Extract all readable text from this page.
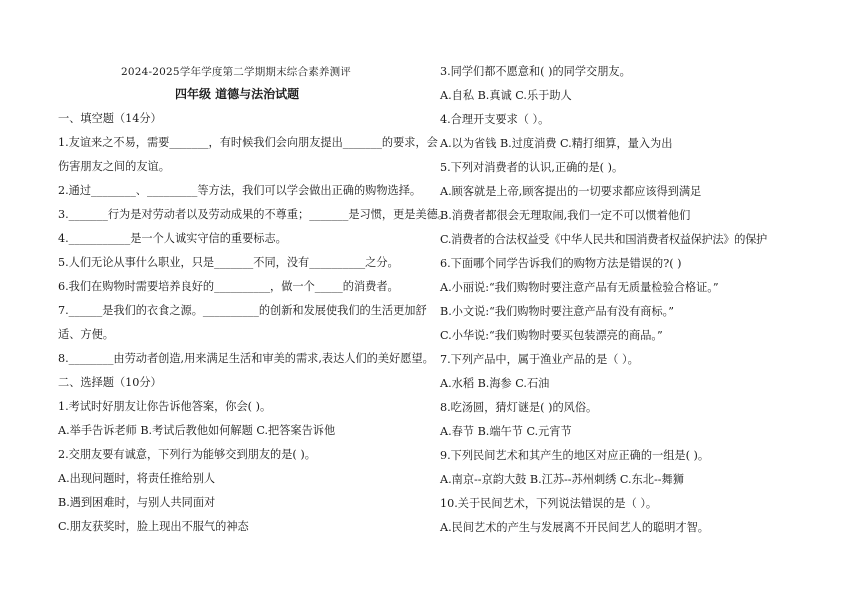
2024-2025学年学度第二学期期末综合素养测评
四年级 道德与法治试题
一、填空题（14分）
1.友谊来之不易，需要_______，有时候我们会向朋友提出_______的要求，会
伤害朋友之间的友谊。
2.通过________、_________等方法，我们可以学会做出正确的购物选择。
3._______行为是对劳动者以及劳动成果的不尊重；_______是习惯，更是美德。
4.___________是一个人诚实守信的重要标志。
5.人们无论从事什么职业，只是_______不同，没有__________之分。
6.我们在购物时需要培养良好的__________，做一个_____的消费者。
7.______是我们的衣食之源。__________的创新和发展使我们的生活更加舒
适、方便。
8.________由劳动者创造,用来满足生活和审美的需求,表达人们的美好愿望。
二、选择题（10分）
1.考试时好朋友让你告诉他答案，你会( )。
A.举手告诉老师 B.考试后教他如何解题 C.把答案告诉他
2.交朋友要有诚意，下列行为能够交到朋友的是( )。
A.出现问题时，将责任推给别人
B.遇到困难时，与别人共同面对
C.朋友获奖时，脸上现出不服气的神态
3.同学们都不愿意和( )的同学交朋友。
A.自私 B.真诚 C.乐于助人
4.合理开支要求（ ）。
A.以为省钱 B.过度消费 C.精打细算，量入为出
5.下列对消费者的认识,正确的是( )。
A.顾客就是上帝,顾客提出的一切要求都应该得到满足
B.消费者都很会无理取闹,我们一定不可以惯着他们
C.消费者的合法权益受《中华人民共和国消费者权益保护法》的保护
6.下面哪个同学告诉我们的购物方法是错误的?( )
A.小丽说:“我们购物时要注意产品有无质量检验合格证。”
B.小文说:“我们购物时要注意产品有没有商标。”
C.小华说:“我们购物时要买包装漂亮的商品。”
7.下列产品中，属于渔业产品的是（ ）。
A.水稻 B.海参 C.石油
8.吃汤圆，猜灯谜是( )的风俗。
A.春节 B.端午节 C.元宵节
9.下列民间艺术和其产生的地区对应正确的一组是( )。
A.南京--京韵大鼓 B.江苏--苏州刺绣 C.东北--舞狮
10.关于民间艺术，下列说法错误的是（ ）。
A.民间艺术的产生与发展离不开民间艺人的聪明才智。
